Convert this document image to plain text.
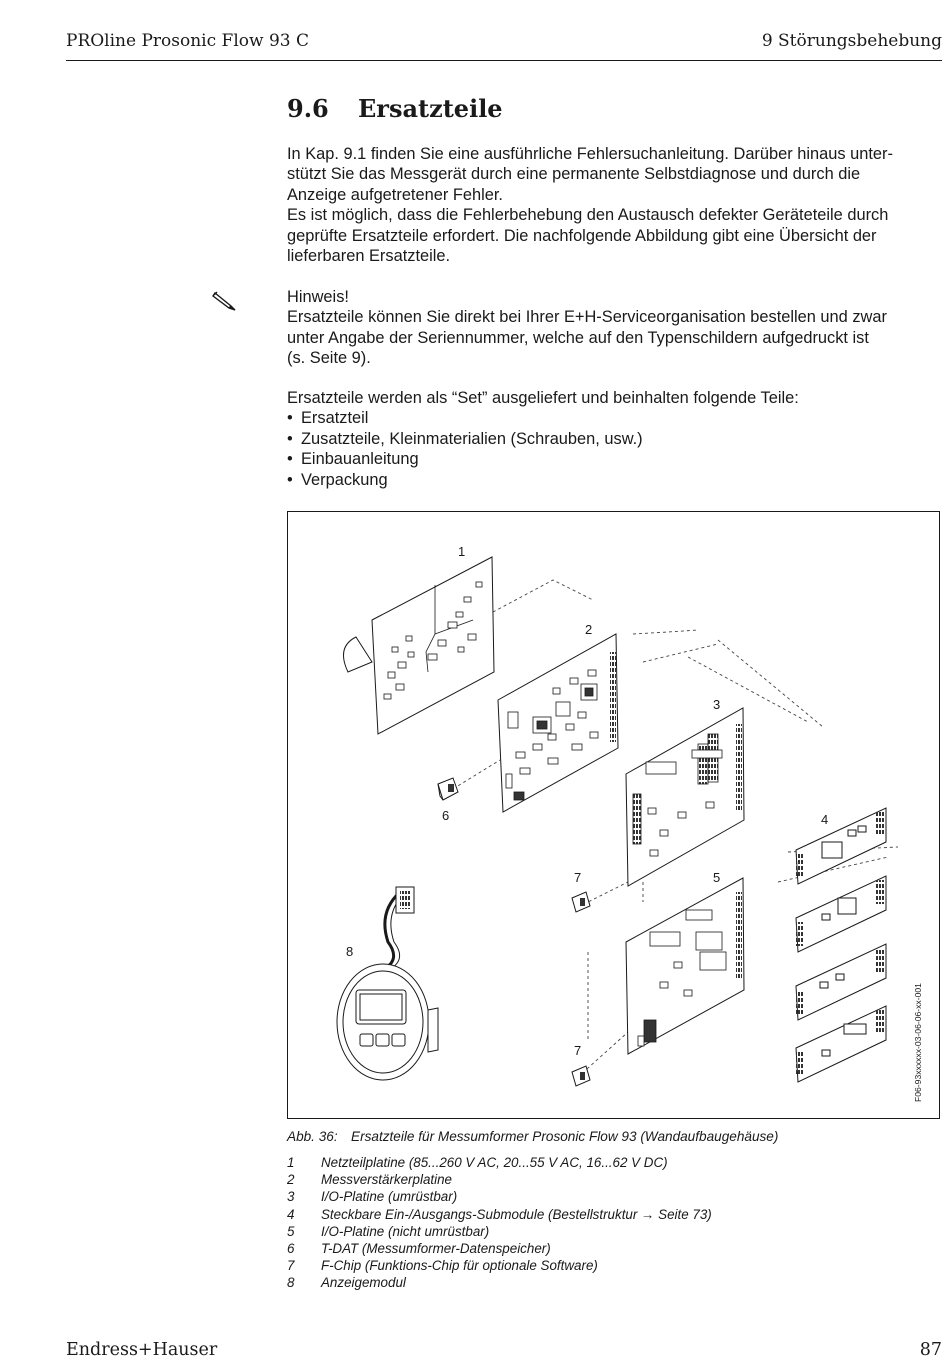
PROline Prosonic Flow 93 C	9 Störungsbehebung
9.6 Ersatzteile

In Kap. 9.1 finden Sie eine ausführliche Fehlersuchanleitung. Darüber hinaus unter-

stützt Sie das Messgerät durch eine permanente Selbstdiagnose und durch die

Anzeige aufgetretener Fehler.

Es ist möglich, dass die Fehlerbehebung den Austausch defekter Geräteteile durch

geprüfte Ersatzteile erfordert. Die nachfolgende Abbildung gibt eine Übersicht der

lieferbaren Ersatzteile.

Hinweis!

Ersatzteile können Sie direkt bei Ihrer E+H-Serviceorganisation bestellen und zwar

unter Angabe der Seriennummer, welche auf den Typenschildern aufgedruckt ist

(s. Seite 9).

Ersatzteile werden als “Set” ausgeliefert und beinhalten folgende Teile:

• Ersatzteil
• Zusatzteile, Kleinmaterialien (Schrauben, usw.)
• Einbauanleitung
• Verpackung
1
2
3
4
5
6
7
7
8
F06-93xxxxxx-03-06-06-xx-001
Abb. 36: Ersatzteile für Messumformer Prosonic Flow 93 (Wandaufbaugehäuse)
1 Netzteilplatine (85...260 V AC, 20...55 V AC, 16...62 V DC)
2 Messverstärkerplatine
3 I/O-Platine (umrüstbar)
4 Steckbare Ein-/Ausgangs-Submodule (Bestellstruktur → Seite 73)
5 I/O-Platine (nicht umrüstbar)
6 T-DAT (Messumformer-Datenspeicher)
7 F-Chip (Funktions-Chip für optionale Software)
8 Anzeigemodul
Endress+Hauser	87
